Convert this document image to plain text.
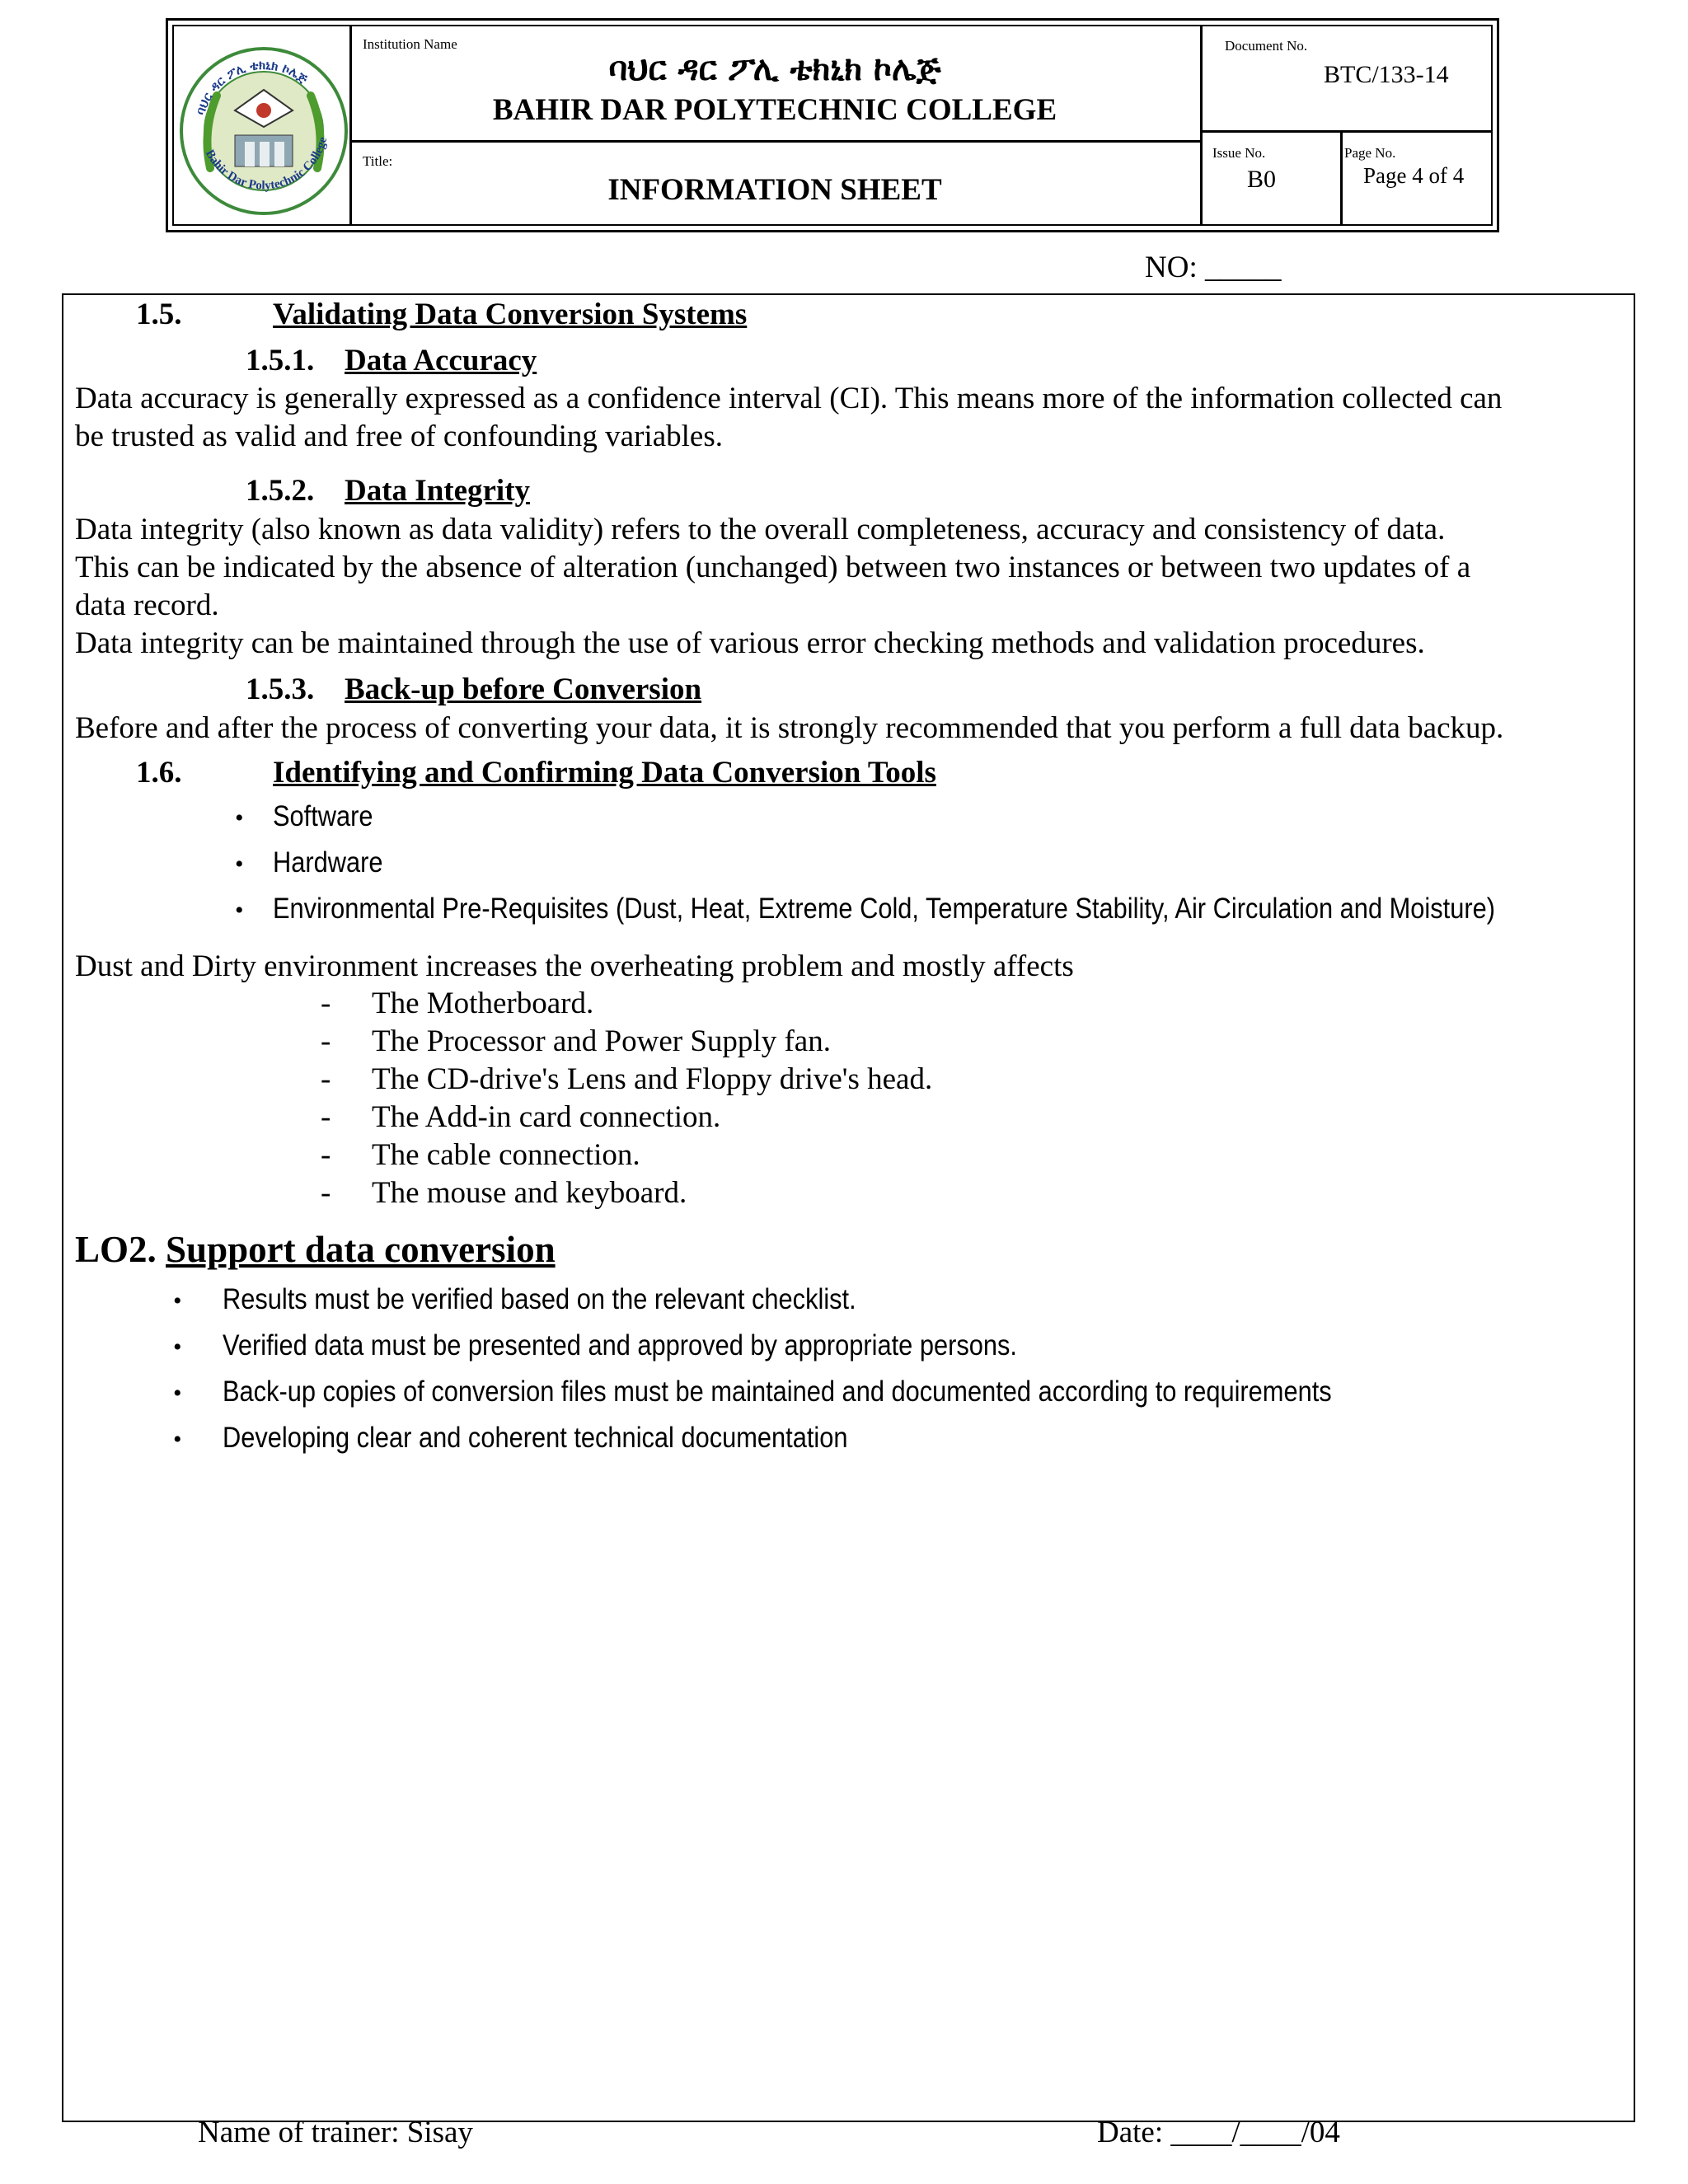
ባህር ዳር ፖሊ ቴክኒክ ኮሌጅ
Bahir Dar Polytechnic College
Institution Name
ባህር ዳር ፖሊ ቴክኒክ ኮሌጅ
BAHIR DAR POLYTECHNIC COLLEGE
Title:
INFORMATION SHEET
Document No.
BTC/133-14
Issue No.
B0
Page No.
Page 4 of 4
NO: _____
1.5.	Validating Data Conversion Systems
1.5.1. Data Accuracy
Data accuracy is generally expressed as a confidence interval (CI). This means more of the information collected can
be trusted as valid and free of confounding variables.
1.5.2. Data Integrity
Data integrity (also known as data validity) refers to the overall completeness, accuracy and consistency of data.
This can be indicated by the absence of alteration (unchanged) between two instances or between two updates of a
data record.
Data integrity can be maintained through the use of various error checking methods and validation procedures.
1.5.3. Back-up before Conversion
Before and after the process of converting your data, it is strongly recommended that you perform a full data backup.
1.6.	Identifying and Confirming Data Conversion Tools
• Software
• Hardware
• Environmental Pre-Requisites (Dust, Heat, Extreme Cold, Temperature Stability, Air Circulation and Moisture)
Dust and Dirty environment increases the overheating problem and mostly affects
- The Motherboard.
- The Processor and Power Supply fan.
- The CD-drive's Lens and Floppy drive's head.
- The Add-in card connection.
- The cable connection.
- The mouse and keyboard.
LO2. Support data conversion
• Results must be verified based on the relevant checklist.
• Verified data must be presented and approved by appropriate persons.
• Back-up copies of conversion files must be maintained and documented according to requirements
• Developing clear and coherent technical documentation
Name of trainer: Sisay	Date: ____/____/04
